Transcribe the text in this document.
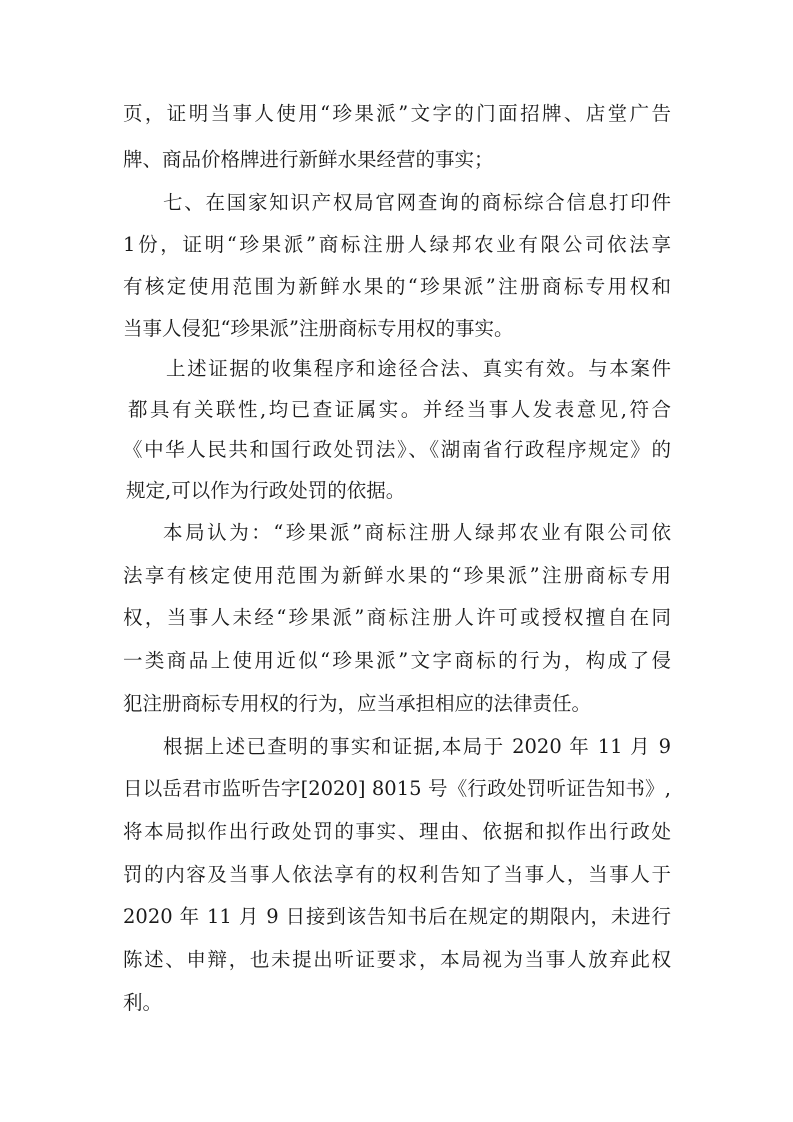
页，证明当事人使用“珍果派”文字的门面招牌、店堂广告
牌、商品价格牌进行新鲜水果经营的事实；
七、在国家知识产权局官网查询的商标综合信息打印件
1份，证明“珍果派”商标注册人绿邦农业有限公司依法享
有核定使用范围为新鲜水果的“珍果派”注册商标专用权和
当事人侵犯“珍果派”注册商标专用权的事实。
上述证据的收集程序和途径合法、真实有效。与本案件
都具有关联性,均已查证属实。并经当事人发表意见,符合
《中华人民共和国行政处罚法》、《湖南省行政程序规定》的
规定,可以作为行政处罚的依据。
本局认为：“珍果派”商标注册人绿邦农业有限公司依
法享有核定使用范围为新鲜水果的“珍果派”注册商标专用
权，当事人未经“珍果派”商标注册人许可或授权擅自在同
一类商品上使用近似“珍果派”文字商标的行为，构成了侵
犯注册商标专用权的行为，应当承担相应的法律责任。
根据上述已查明的事实和证据,本局于 2020 年 11 月 9
日以岳君市监听告字[2020] 8015 号《行政处罚听证告知书》,
将本局拟作出行政处罚的事实、理由、依据和拟作出行政处
罚的内容及当事人依法享有的权利告知了当事人，当事人于
2020 年 11 月 9 日接到该告知书后在规定的期限内，未进行
陈述、申辩，也未提出听证要求，本局视为当事人放弃此权
利。
